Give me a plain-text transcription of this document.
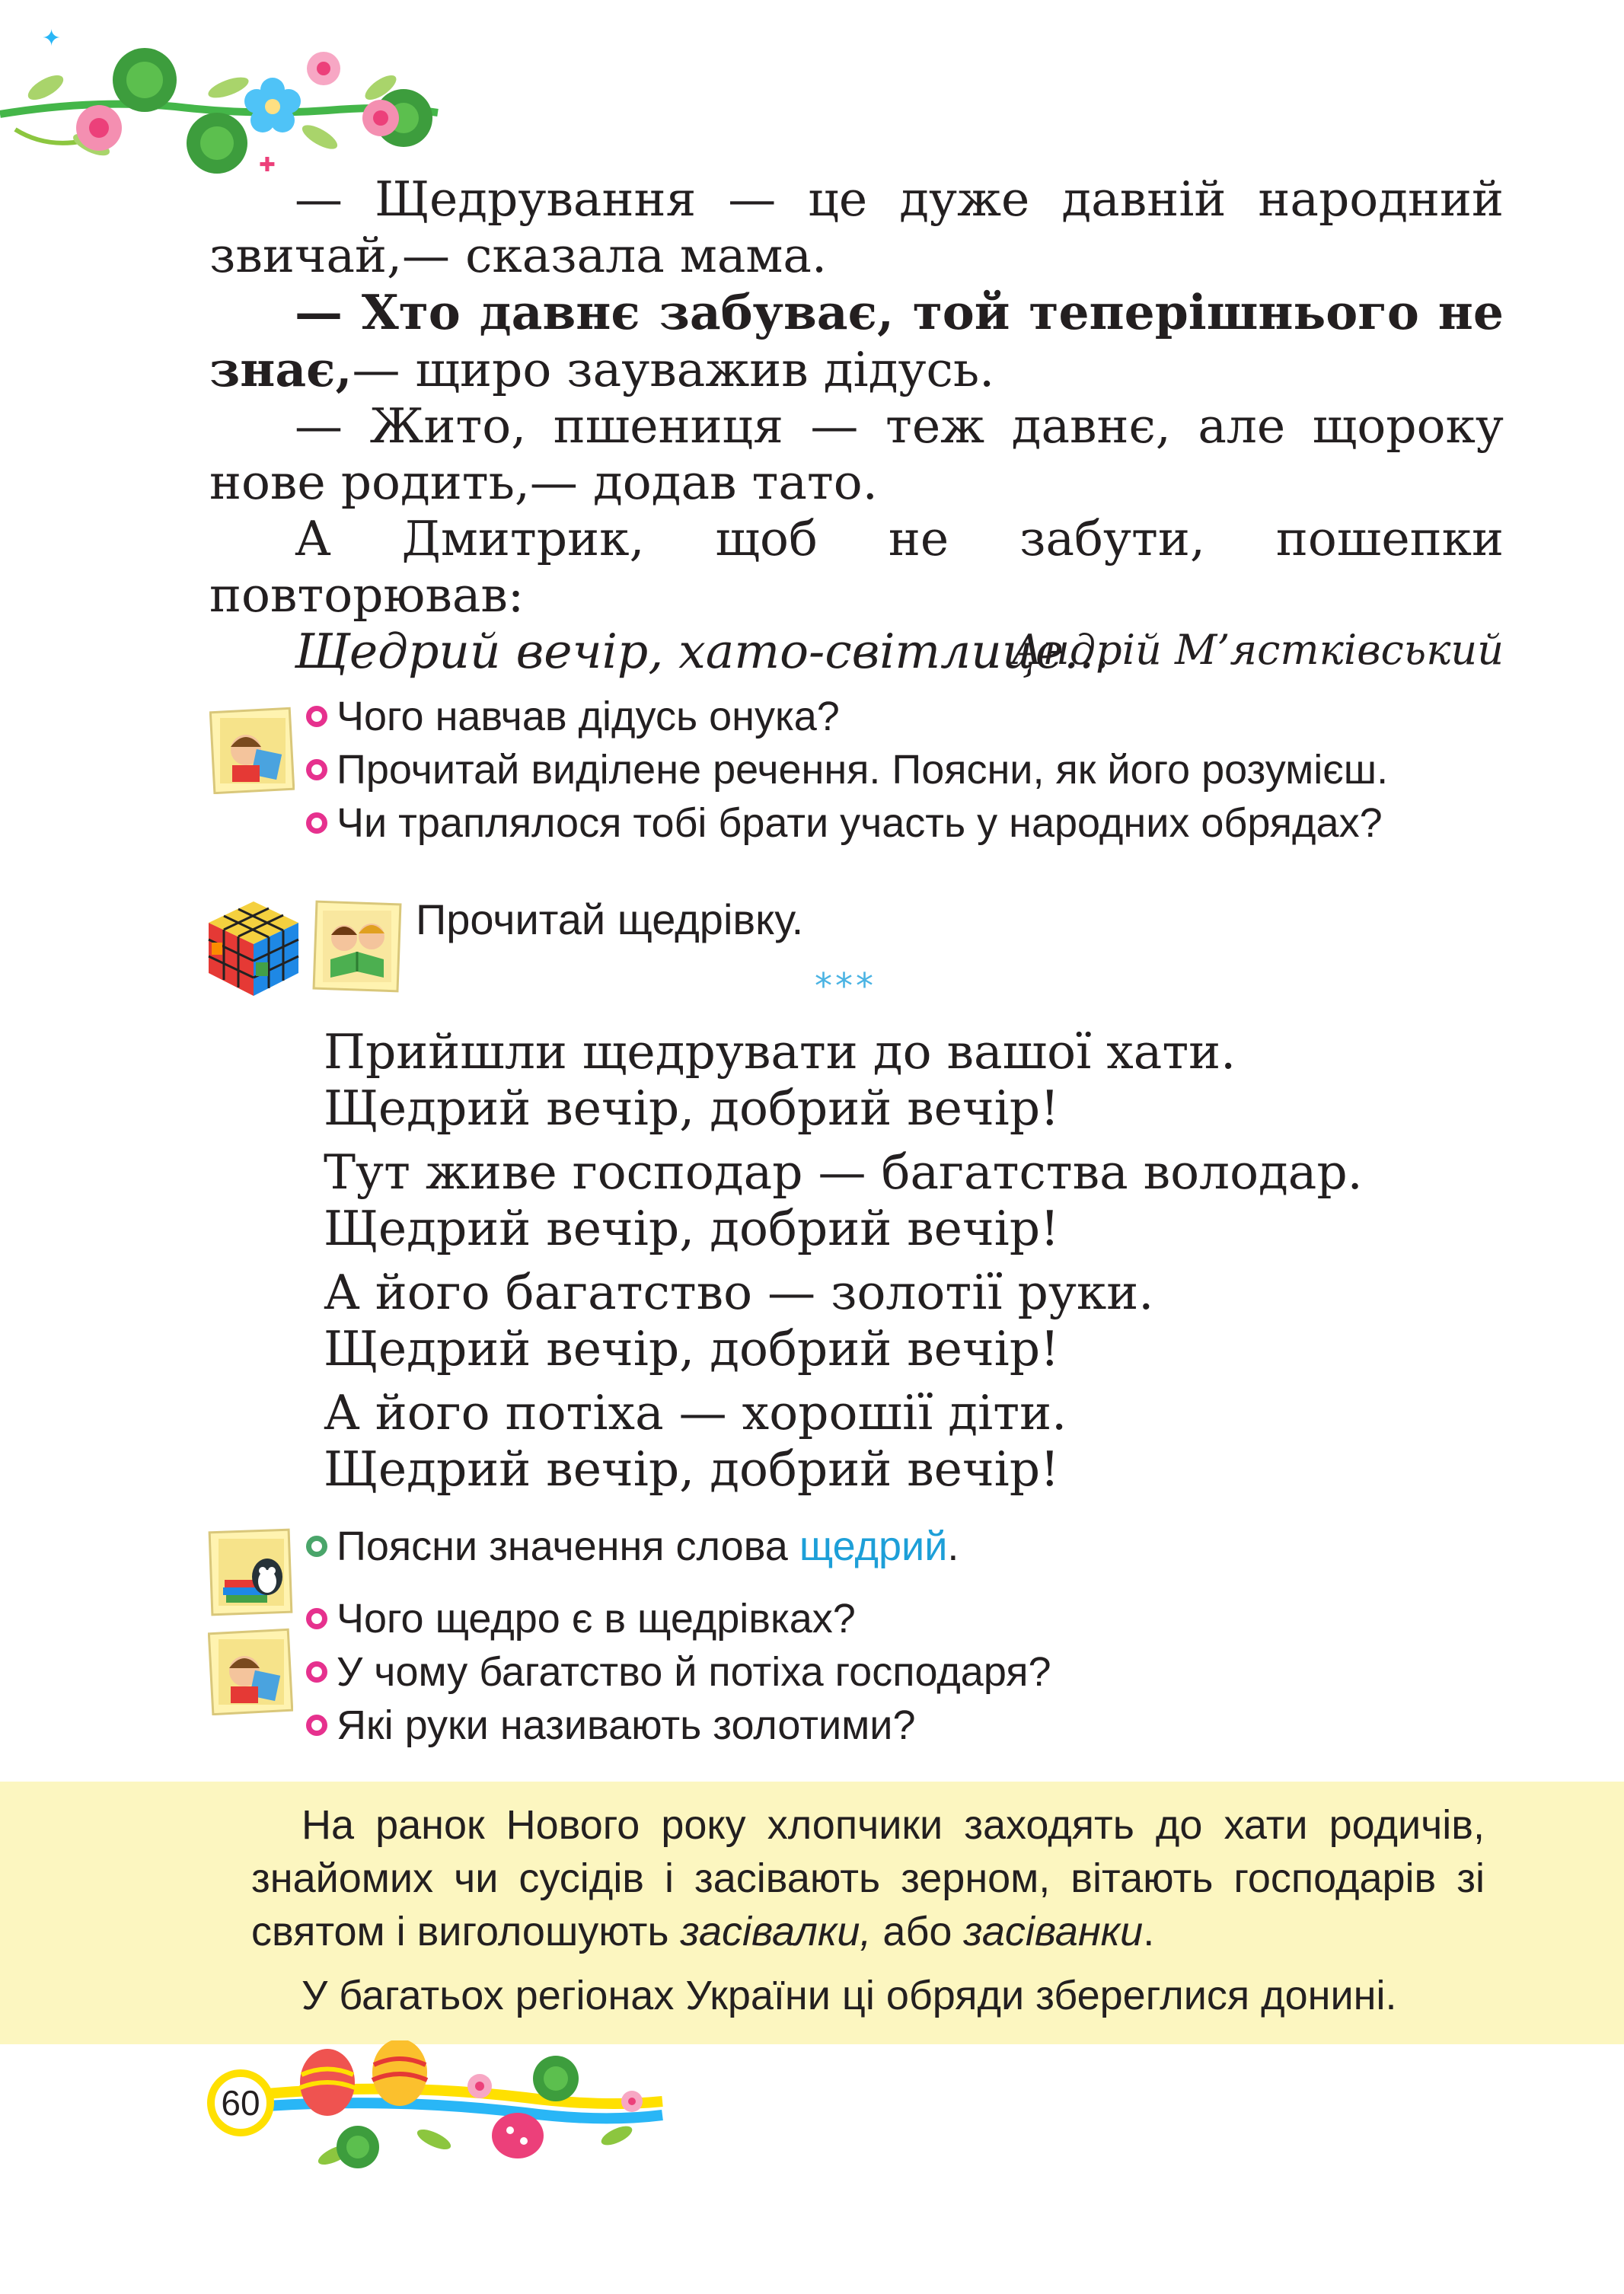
✦
✚

— Щедрування — це дуже давній народний звичай,— сказала мама.

— Хто давнє забуває, той теперішнього не знає,— щиро зауважив дідусь.

— Жито, пшениця — теж давнє, але щороку нове родить,— додав тато.

А Дмитрик, щоб не забути, пошепки повторював:

Щедрий вечір, хато-світлице...

Андрій М’ястківський
Чого навчав дідусь онука?
Прочитай виділене речення. Поясни, як його розумієш.
Чи траплялося тобі брати участь у народних обрядах?
Прочитай щедрівку.
***
Прийшли щедрувати до вашої хати.
Щедрий вечір, добрий вечір!
Тут живе господар — багатства володар.
Щедрий вечір, добрий вечір!
А його багатство — золотії руки.
Щедрий вечір, добрий вечір!
А його потіха — хорошії діти.
Щедрий вечір, добрий вечір!
Поясни значення слова щедрий .
Чого щедро є в щедрівках?
У чому багатство й потіха господаря?
Які руки називають золотими?

На ранок Нового року хлопчики заходять до хати родичів, знайомих чи сусідів і засівають зерном, вітають господарів зі святом і виголошують засівалки, або засіванки.

У багатьох регіонах України ці обряди збереглися донині.

60
